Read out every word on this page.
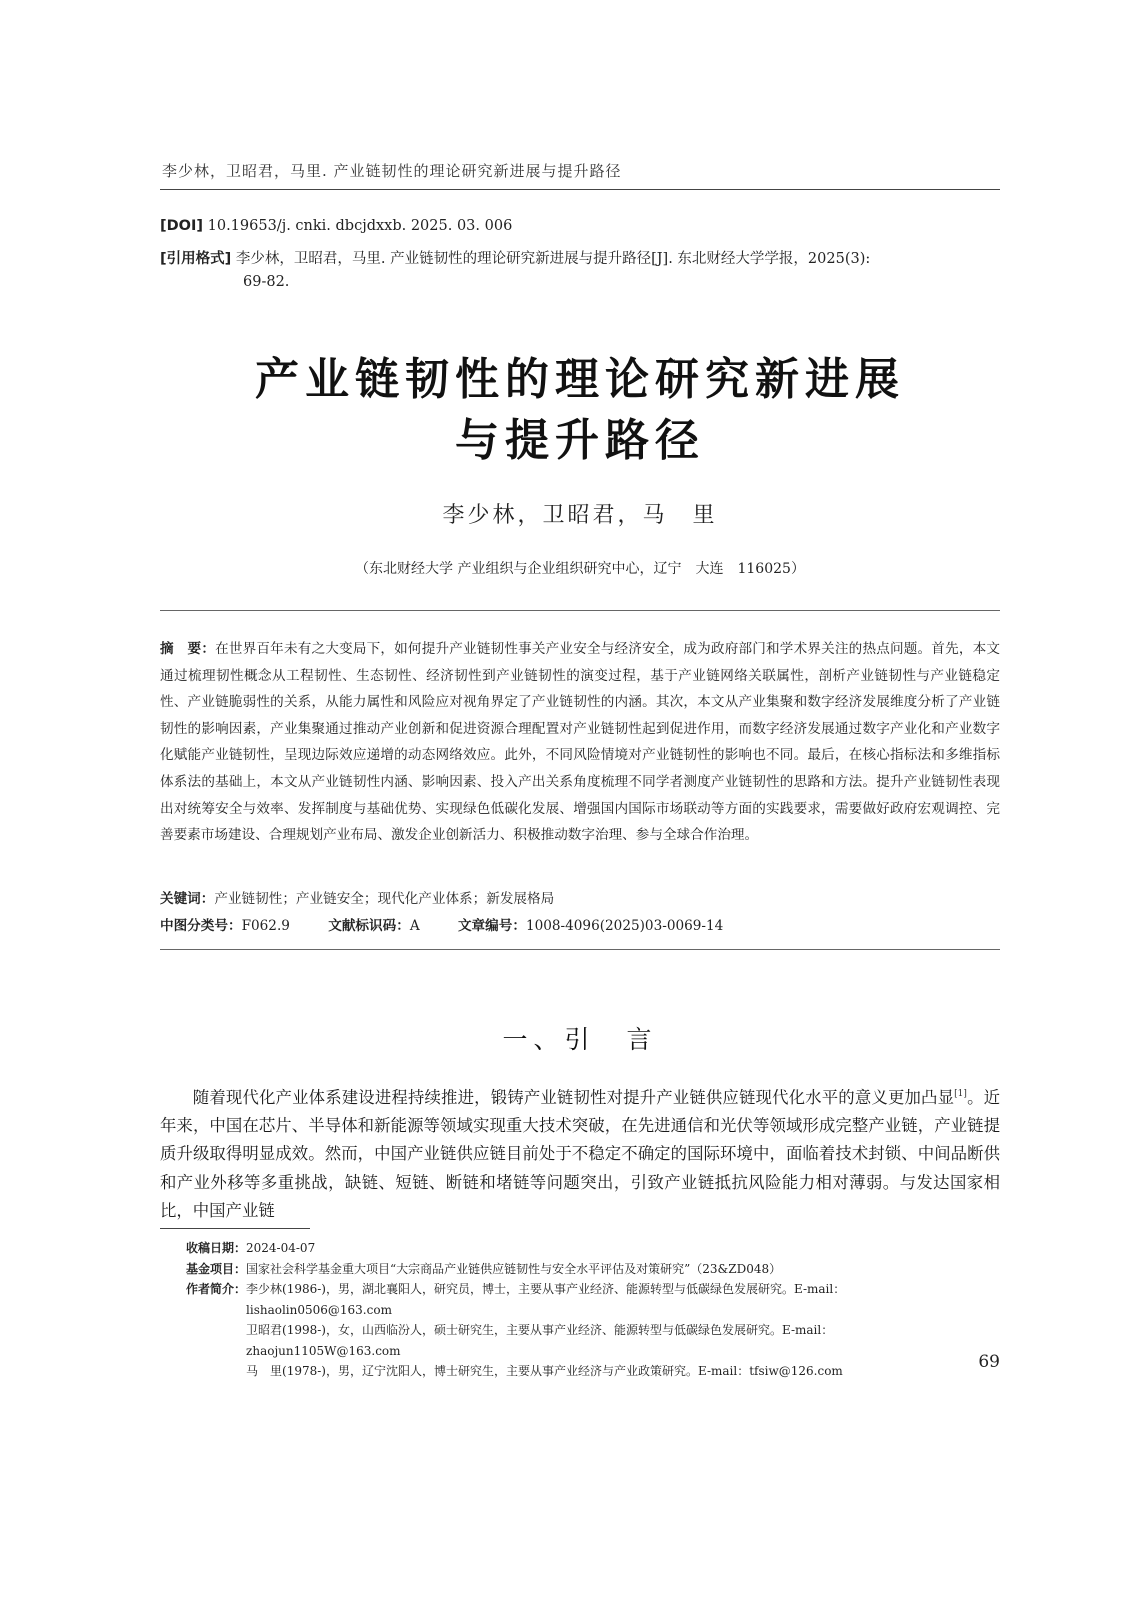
李少林，卫昭君，马里. 产业链韧性的理论研究新进展与提升路径
[DOI] 10.19653/j. cnki. dbcjdxxb. 2025. 03. 006
[引用格式] 李少林，卫昭君，马里. 产业链韧性的理论研究新进展与提升路径[J]. 东北财经大学学报，2025(3):
69-82.
产业链韧性的理论研究新进展
与提升路径
李少林，卫昭君，马　里
（东北财经大学 产业组织与企业组织研究中心，辽宁　大连　116025）
摘　要：在世界百年未有之大变局下，如何提升产业链韧性事关产业安全与经济安全，成为政府部门和学术界关注的热点问题。首先，本文通过梳理韧性概念从工程韧性、生态韧性、经济韧性到产业链韧性的演变过程，基于产业链网络关联属性，剖析产业链韧性与产业链稳定性、产业链脆弱性的关系，从能力属性和风险应对视角界定了产业链韧性的内涵。其次，本文从产业集聚和数字经济发展维度分析了产业链韧性的影响因素，产业集聚通过推动产业创新和促进资源合理配置对产业链韧性起到促进作用，而数字经济发展通过数字产业化和产业数字化赋能产业链韧性，呈现边际效应递增的动态网络效应。此外，不同风险情境对产业链韧性的影响也不同。最后，在核心指标法和多维指标体系法的基础上，本文从产业链韧性内涵、影响因素、投入产出关系角度梳理不同学者测度产业链韧性的思路和方法。提升产业链韧性表现出对统筹安全与效率、发挥制度与基础优势、实现绿色低碳化发展、增强国内国际市场联动等方面的实践要求，需要做好政府宏观调控、完善要素市场建设、合理规划产业布局、激发企业创新活力、积极推动数字治理、参与全球合作治理。
关键词：产业链韧性；产业链安全；现代化产业体系；新发展格局
中图分类号：F062.9	文献标识码：A	文章编号：1008-4096(2025)03-0069-14
一、引　言
随着现代化产业体系建设进程持续推进，锻铸产业链韧性对提升产业链供应链现代化水平的意义更加凸显[1]。近年来，中国在芯片、半导体和新能源等领域实现重大技术突破，在先进通信和光伏等领域形成完整产业链，产业链提质升级取得明显成效。然而，中国产业链供应链目前处于不稳定不确定的国际环境中，面临着技术封锁、中间品断供和产业外移等多重挑战，缺链、短链、断链和堵链等问题突出，引致产业链抵抗风险能力相对薄弱。与发达国家相比，中国产业链
收稿日期： 2024-04-07
基金项目： 国家社会科学基金重大项目“大宗商品产业链供应链韧性与安全水平评估及对策研究”（23&ZD048）
作者简介： 李少林(1986-)，男，湖北襄阳人，研究员，博士，主要从事产业经济、能源转型与低碳绿色发展研究。E-mail：
lishaolin0506@163.com
卫昭君(1998-)，女，山西临汾人，硕士研究生，主要从事产业经济、能源转型与低碳绿色发展研究。E-mail：
zhaojun1105W@163.com
马　里(1978-)，男，辽宁沈阳人，博士研究生，主要从事产业经济与产业政策研究。E-mail：tfsiw@126.com	69
